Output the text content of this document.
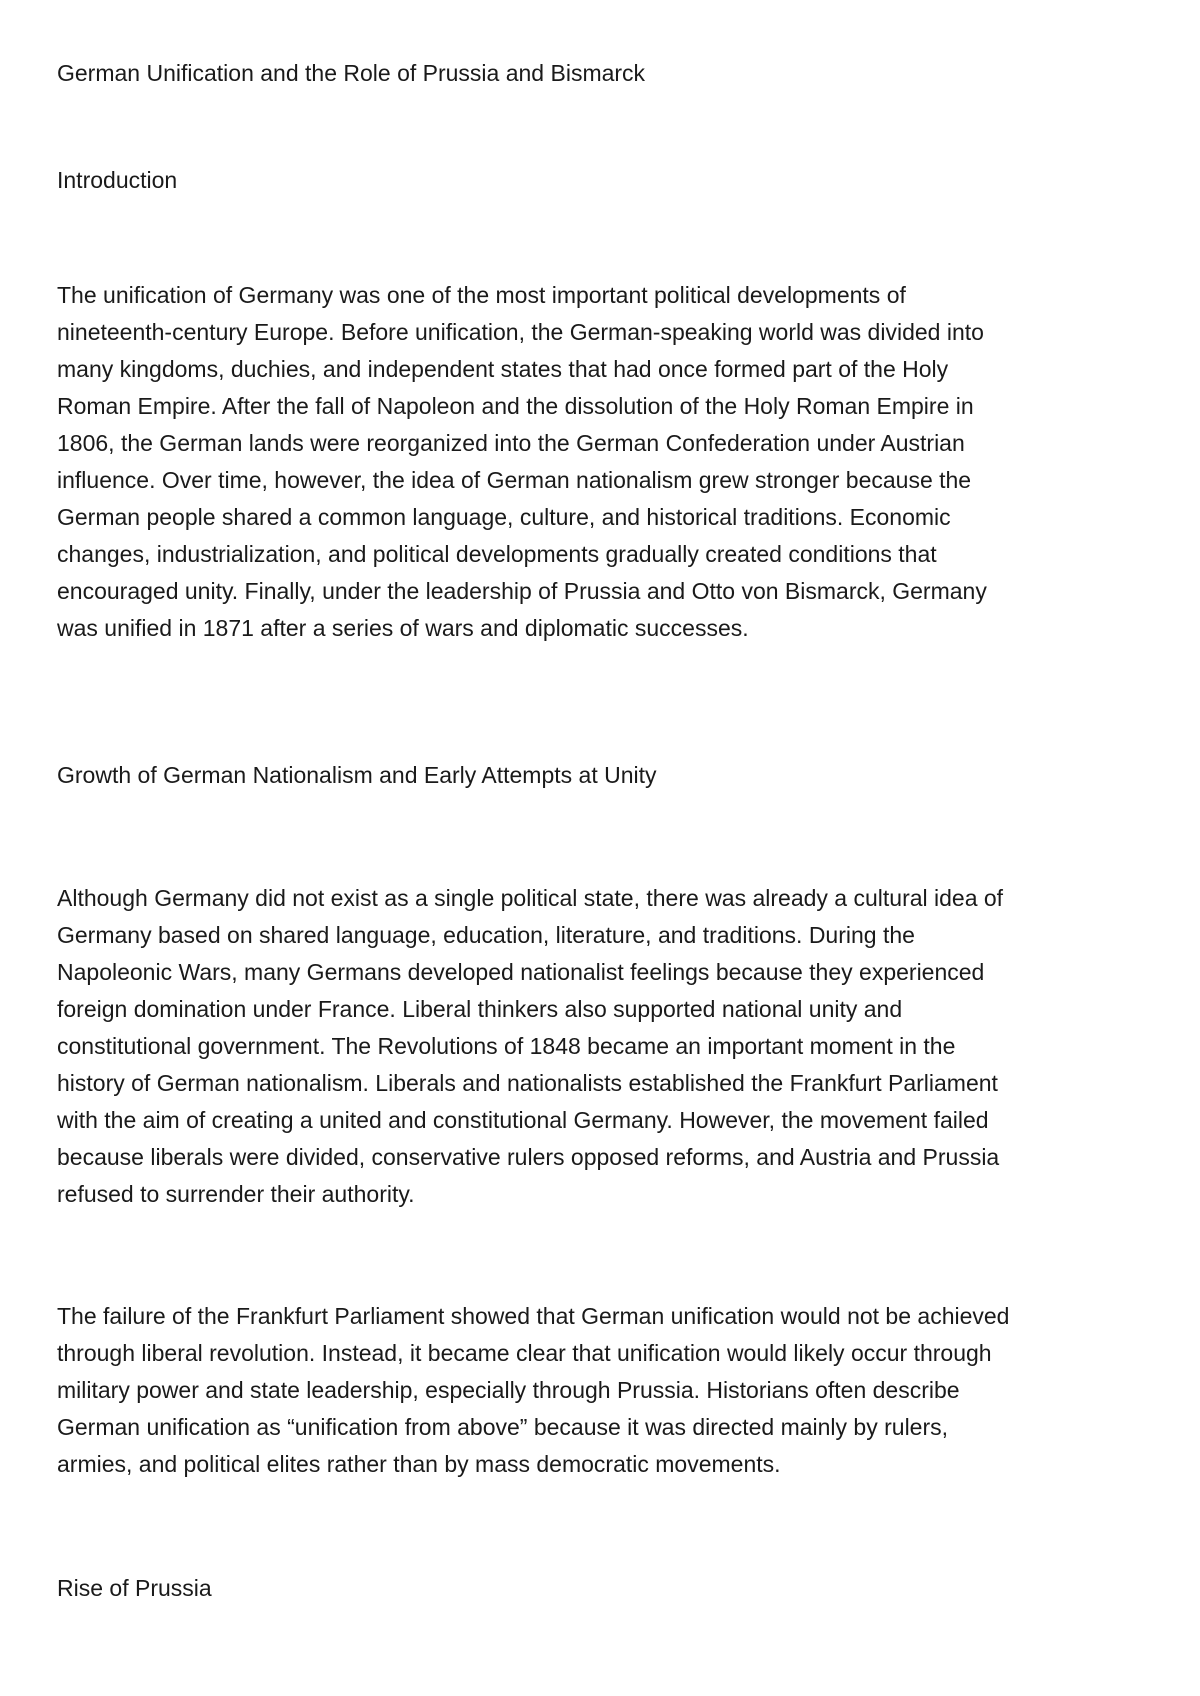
German Unification and the Role of Prussia and Bismarck
Introduction
The unification of Germany was one of the most important political developments of
nineteenth-century Europe. Before unification, the German-speaking world was divided into
many kingdoms, duchies, and independent states that had once formed part of the Holy
Roman Empire. After the fall of Napoleon and the dissolution of the Holy Roman Empire in
1806, the German lands were reorganized into the German Confederation under Austrian
influence. Over time, however, the idea of German nationalism grew stronger because the
German people shared a common language, culture, and historical traditions. Economic
changes, industrialization, and political developments gradually created conditions that
encouraged unity. Finally, under the leadership of Prussia and Otto von Bismarck, Germany
was unified in 1871 after a series of wars and diplomatic successes.
Growth of German Nationalism and Early Attempts at Unity
Although Germany did not exist as a single political state, there was already a cultural idea of
Germany based on shared language, education, literature, and traditions. During the
Napoleonic Wars, many Germans developed nationalist feelings because they experienced
foreign domination under France. Liberal thinkers also supported national unity and
constitutional government. The Revolutions of 1848 became an important moment in the
history of German nationalism. Liberals and nationalists established the Frankfurt Parliament
with the aim of creating a united and constitutional Germany. However, the movement failed
because liberals were divided, conservative rulers opposed reforms, and Austria and Prussia
refused to surrender their authority.
The failure of the Frankfurt Parliament showed that German unification would not be achieved
through liberal revolution. Instead, it became clear that unification would likely occur through
military power and state leadership, especially through Prussia. Historians often describe
German unification as “unification from above” because it was directed mainly by rulers,
armies, and political elites rather than by mass democratic movements.
Rise of Prussia
